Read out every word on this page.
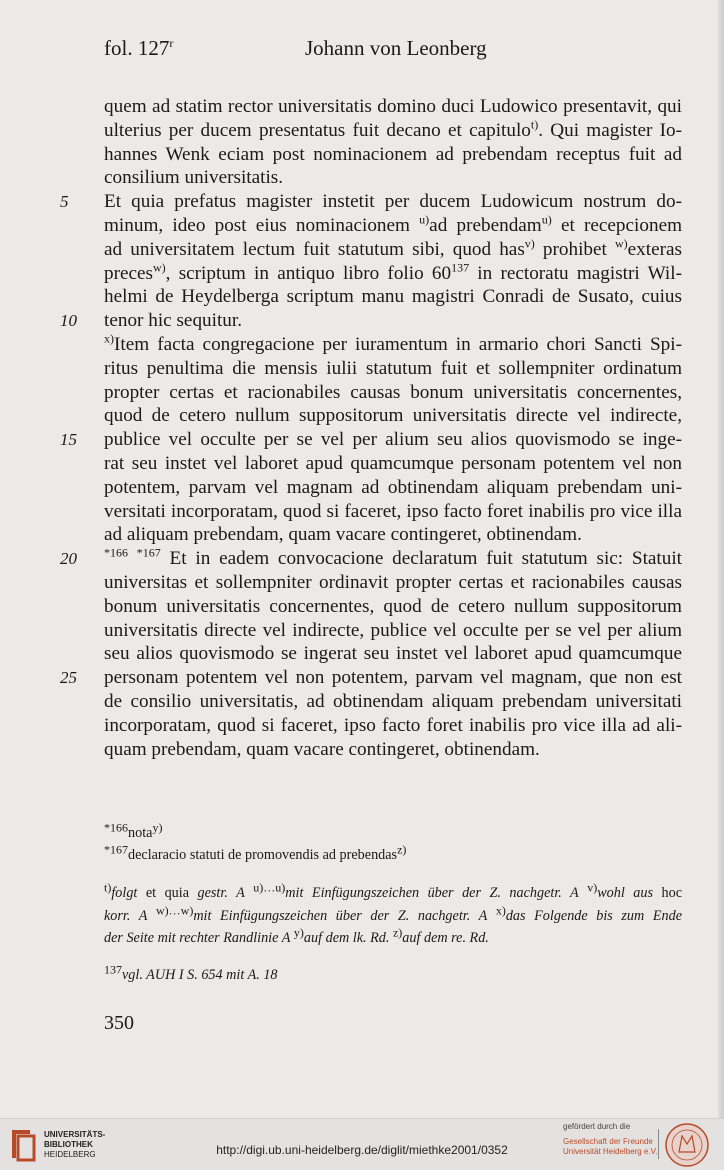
fol. 127$^r$	Johann von Leonberg
quem ad statim rector universitatis domino duci Ludowico presentavit, qui
ulterius per ducem presentatus fuit decano et capitulo$^{t)}$. Qui magister Io-
hannes Wenk eciam post nominacionem ad prebendam receptus fuit ad
consilium universitatis.
5	Et quia prefatus magister instetit per ducem Ludowicum nostrum do-
minum, ideo post eius nominacionem $^{u)}$ad prebendam$^{u)}$ et recepcionem
ad universitatem lectum fuit statutum sibi, quod has$^{v)}$ prohibet $^{w)}$exteras
preces$^{w)}$, scriptum in antiquo libro folio $60^{137}$ in rectoratu magistri Wil-
helmi de Heydelberga scriptum manu magistri Conradi de Susato, cuius
10	tenor hic sequitur.
$^{x)}$Item facta congregacione per iuramentum in armario chori Sancti Spi-
ritus penultima die mensis iulii statutum fuit et sollempniter ordinatum
propter certas et racionabiles causas bonum universitatis concernentes,
quod de cetero nullum suppositorum universitatis directe vel indirecte,
15	publice vel occulte per se vel per alium seu alios quovismodo se inge-
rat seu instet vel laboret apud quamcumque personam potentem vel non
potentem, parvam vel magnam ad obtinendam aliquam prebendam uni-
versitati incorporatam, quod si faceret, ipso facto foret inabilis pro vice illa
ad aliquam prebendam, quam vacare contingeret, obtinendam.
20	$^{*166}$ $^{*167}$ Et in eadem convocacione declaratum fuit statutum sic: Statuit
universitas et sollempniter ordinavit propter certas et racionabiles causas
bonum universitatis concernentes, quod de cetero nullum suppositorum
universitatis directe vel indirecte, publice vel occulte per se vel per alium
seu alios quovismodo se ingerat seu instet vel laboret apud quamcumque
25	personam potentem vel non potentem, parvam vel magnam, que non est
de consilio universitatis, ad obtinendam aliquam prebendam universitati
incorporatam, quod si faceret, ipso facto foret inabilis pro vice illa ad ali-
quam prebendam, quam vacare contingeret, obtinendam.
$^{*166}$nota$^{y)}$
$^{*167}$declaracio statuti de promovendis ad prebendas$^{z)}$
$^{t)}$folgt et quia gestr. A $^{u)\dots u)}$mit Einfügungszeichen über der Z. nachgetr. A $^{v)}$wohl aus hoc
korr. A $^{w)\dots w)}$mit Einfügungszeichen über der Z. nachgetr. A $^{x)}$das Folgende bis zum Ende
der Seite mit rechter Randlinie A $^{y)}$auf dem lk. Rd. $^{z)}$auf dem re. Rd.
$^{137}$vgl. AUH I S. 654 mit A. 18
350
UNIVERSITÄTS-
BIBLIOTHEK
HEIDELBERG	http://digi.ub.uni-heidelberg.de/diglit/miethke2001/0352
gefördert durch die
Gesellschaft der Freunde
Universität Heidelberg e.V.
